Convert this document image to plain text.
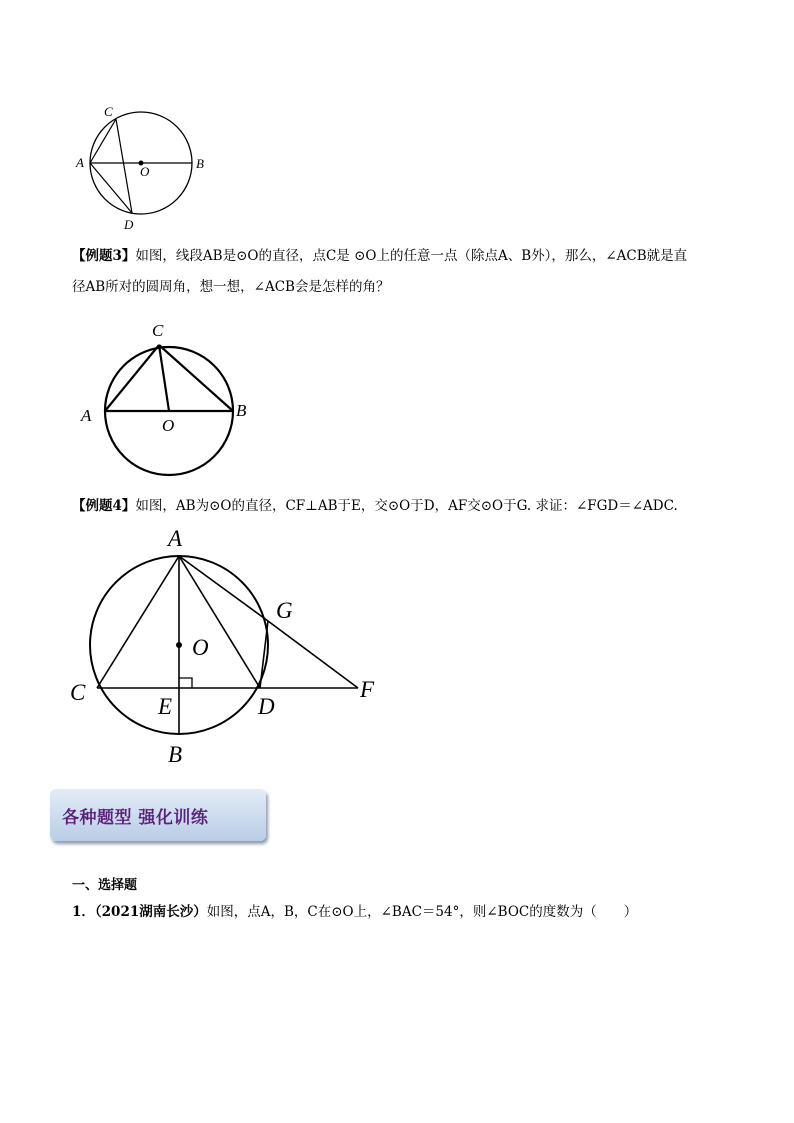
A	B
C
D
O
【例题3】如图，线段AB是⊙O的直径，点C是 ⊙O上的任意一点（除点A、B外），那么，∠ACB就是直
径AB所对的圆周角，想一想，∠ACB会是怎样的角？
A	B
C
O
【例题4】如图，AB为⊙O的直径，CF⊥AB于E，交⊙O于D，AF交⊙O于G. 求证：∠FGD＝∠ADC.
A
B
C
D
E
F
G
O
各种题型 强化训练
一、选择题
1．（2021湖南长沙）如图，点A，B，C在⊙O上，∠BAC＝54°，则∠BOC的度数为（　　）
